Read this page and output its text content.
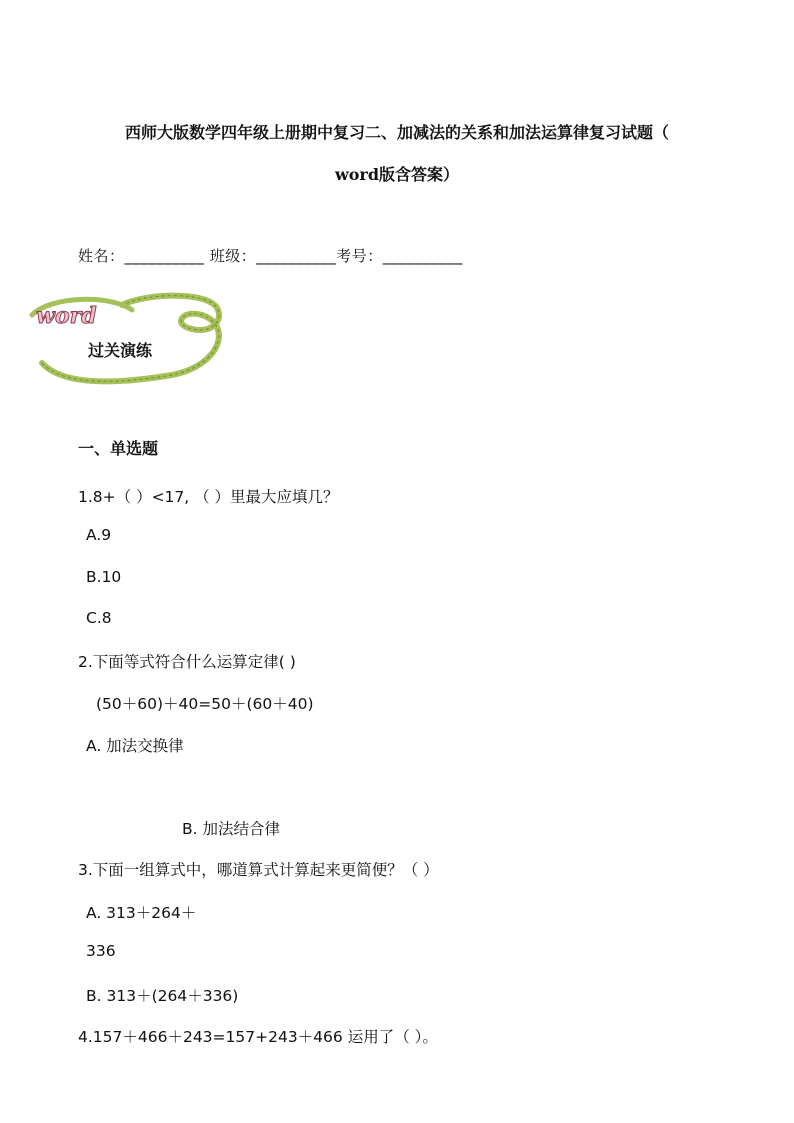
西师大版数学四年级上册期中复习二、加减法的关系和加法运算律复习试题（
word版含答案）
姓名：__________ 班级：__________考号：__________
word
过关演练
一、单选题
1.8+（ ）<17, （ ）里最大应填几？
A.9
B.10
C.8
2.下面等式符合什么运算定律( )
(50＋60)＋40=50＋(60＋40)
A. 加法交换律
B. 加法结合律
3.下面一组算式中，哪道算式计算起来更简便？（ ）
A. 313＋264＋
336
B. 313＋(264＋336)
4.157＋466＋243=157+243＋466 运用了（ ）。
